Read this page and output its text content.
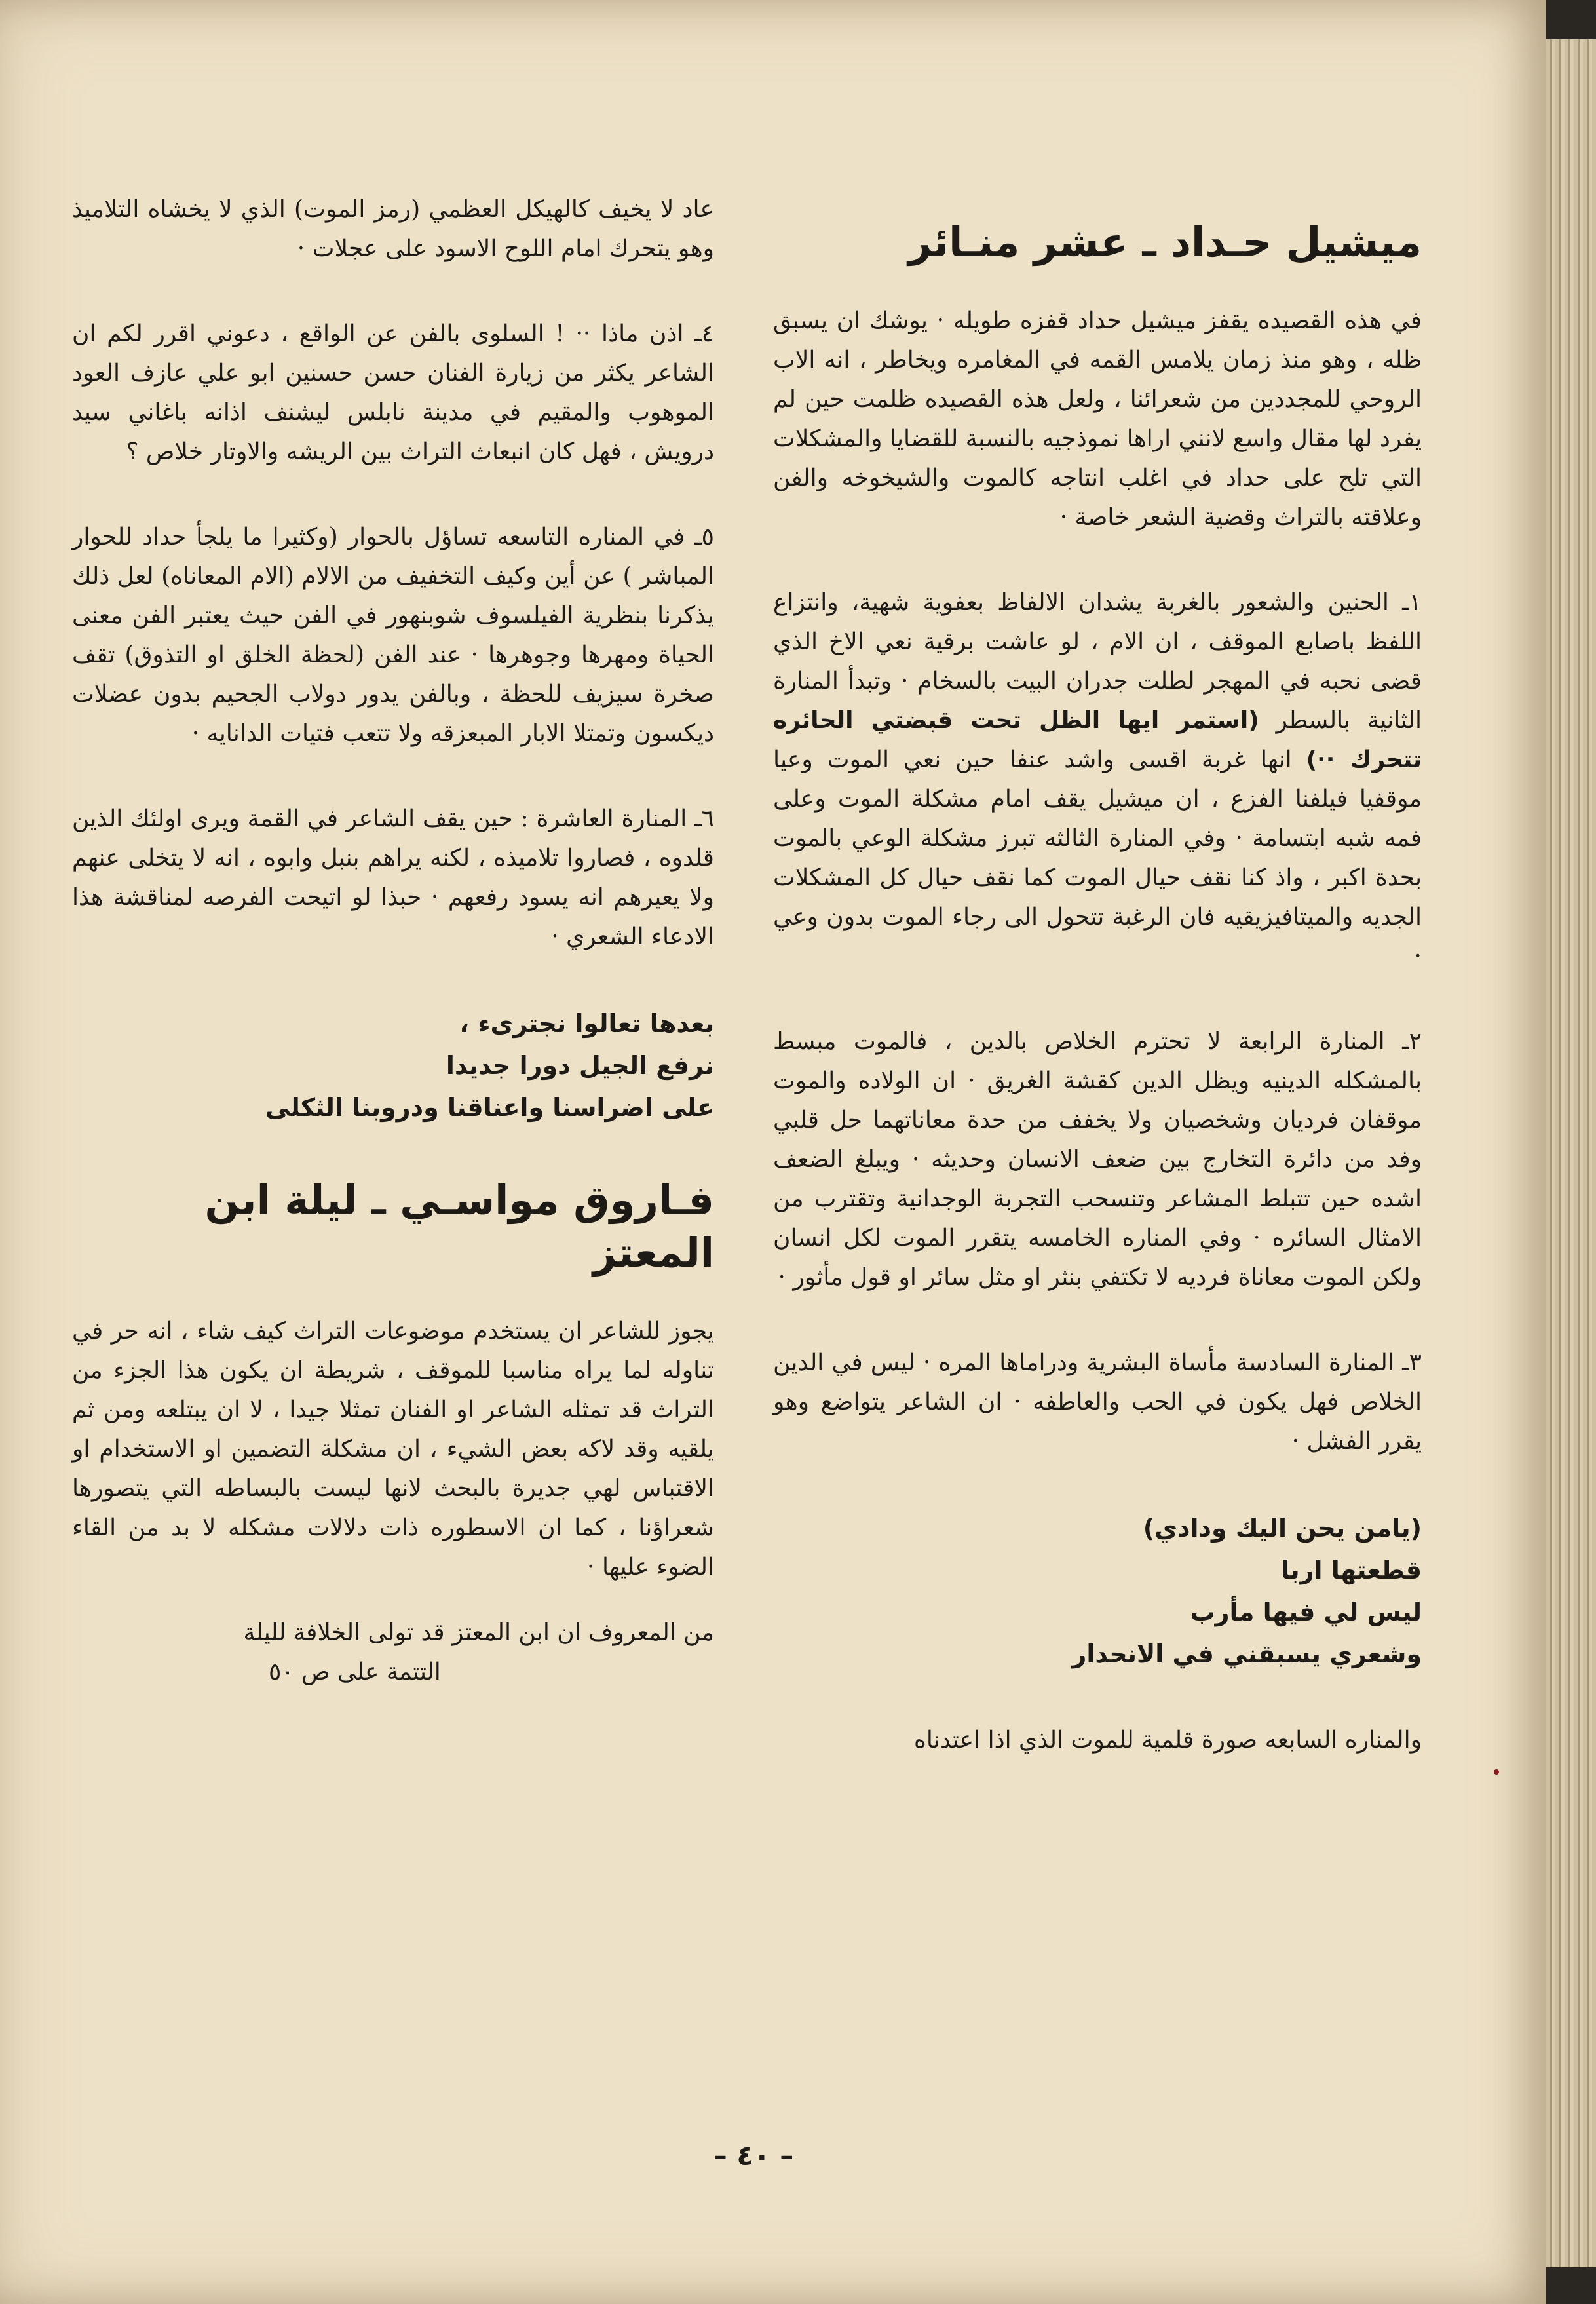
ميشيل حـداد ـ عشر منـائر

في هذه القصيده يقفز ميشيل حداد قفزه طويله · يوشك ان يسبق ظله ، وهو منذ زمان يلامس القمه في المغامره ويخاطر ، انه الاب الروحي للمجددين من شعرائنا ، ولعل هذه القصيده ظلمت حين لم يفرد لها مقال واسع لانني اراها نموذجيه بالنسبة للقضايا والمشكلات التي تلح على حداد في اغلب انتاجه كالموت والشيخوخه والفن وعلاقته بالتراث وقضية الشعر خاصة ·

١ـ الحنين والشعور بالغربة يشدان الالفاظ بعفوية شهية، وانتزاع اللفظ باصابع الموقف ، ان الام ، لو عاشت برقية نعي الاخ الذي قضى نحبه في المهجر لطلت جدران البيت بالسخام · وتبدأ المنارة الثانية بالسطر (استمر ايها الظل تحت قبضتي الحائره تتحرك ··) انها غربة اقسى واشد عنفا حين نعي الموت وعيا موقفيا فيلفنا الفزع ، ان ميشيل يقف امام مشكلة الموت وعلى فمه شبه ابتسامة · وفي المنارة الثالثه تبرز مشكلة الوعي بالموت بحدة اكبر ، واذ كنا نقف حيال الموت كما نقف حيال كل المشكلات الجديه والميتافيزيقيه فان الرغبة تتحول الى رجاء الموت بدون وعي ·

٢ـ المنارة الرابعة لا تحترم الخلاص بالدين ، فالموت مبسط بالمشكله الدينيه ويظل الدين كقشة الغريق · ان الولاده والموت موقفان فرديان وشخصيان ولا يخفف من حدة معاناتهما حل قلبي وفد من دائرة التخارج بين ضعف الانسان وحديثه · ويبلغ الضعف اشده حين تتبلط المشاعر وتنسحب التجربة الوجدانية وتقترب من الامثال السائره · وفي المناره الخامسه يتقرر الموت لكل انسان ولكن الموت معاناة فرديه لا تكتفي بنثر او مثل سائر او قول مأثور ·

٣ـ المنارة السادسة مأساة البشرية ودراماها المره · ليس في الدين الخلاص فهل يكون في الحب والعاطفه · ان الشاعر يتواضع وهو يقرر الفشل ·

(يامن يحن اليك ودادي)

قطعتها اربا

ليس لي فيها مأرب

وشعري يسبقني في الانحدار

والمناره السابعه صورة قلمية للموت الذي اذا اعتدناه

عاد لا يخيف كالهيكل العظمي (رمز الموت) الذي لا يخشاه التلاميذ وهو يتحرك امام اللوح الاسود على عجلات ·

٤ـ اذن ماذا ·· ! السلوى بالفن عن الواقع ، دعوني اقرر لكم ان الشاعر يكثر من زيارة الفنان حسن حسنين ابو علي عازف العود الموهوب والمقيم في مدينة نابلس ليشنف اذانه باغاني سيد درويش ، فهل كان انبعاث التراث بين الريشه والاوتار خلاص ؟

٥ـ في المناره التاسعه تساؤل بالحوار (وكثيرا ما يلجأ حداد للحوار المباشر ) عن أين وكيف التخفيف من الالام (الام المعاناه) لعل ذلك يذكرنا بنظرية الفيلسوف شوبنهور في الفن حيث يعتبر الفن معنى الحياة ومهرها وجوهرها · عند الفن (لحظة الخلق او التذوق) تقف صخرة سيزيف للحظة ، وبالفن يدور دولاب الجحيم بدون عضلات ديكسون وتمتلا الابار المبعزقه ولا تتعب فتيات الدانايه ·

٦ـ المنارة العاشرة : حين يقف الشاعر في القمة ويرى اولئك الذين قلدوه ، فصاروا تلاميذه ، لكنه يراهم بنبل وابوه ، انه لا يتخلى عنهم ولا يعيرهم انه يسود رفعهم · حبذا لو اتيحت الفرصه لمناقشة هذا الادعاء الشعري ·

بعدها تعالوا نجترىء ،

نرفع الجيل دورا جديدا

على اضراسنا واعناقنا ودروبنا الثكلى

فـاروق مواسـي ـ ليلة ابن المعتز

يجوز للشاعر ان يستخدم موضوعات التراث كيف شاء ، انه حر في تناوله لما يراه مناسبا للموقف ، شريطة ان يكون هذا الجزء من التراث قد تمثله الشاعر او الفنان تمثلا جيدا ، لا ان يبتلعه ومن ثم يلقيه وقد لاكه بعض الشيء ، ان مشكلة التضمين او الاستخدام او الاقتباس لهي جديرة بالبحث لانها ليست بالبساطه التي يتصورها شعراؤنا ، كما ان الاسطوره ذات دلالات مشكله لا بد من القاء الضوء عليها ·

من المعروف ان ابن المعتز قد تولى الخلافة لليلة

التتمة على ص ٥٠

– ٤٠ –
